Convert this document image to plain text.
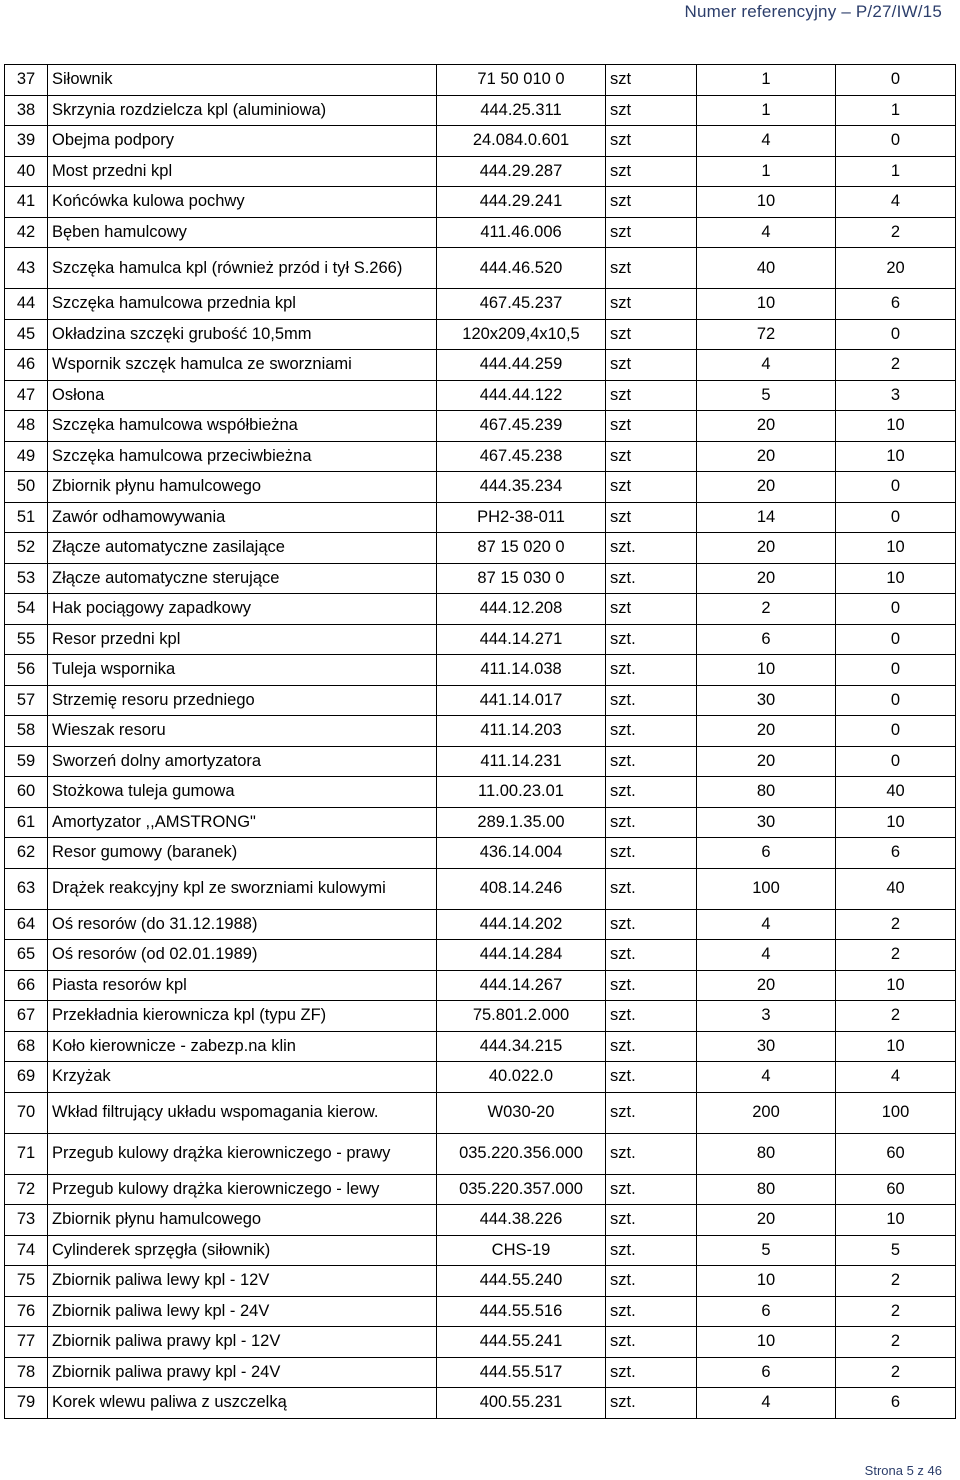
Numer referencyjny – P/27/IW/15
37	Siłownik	71 50 010 0	szt	1	0
38	Skrzynia rozdzielcza kpl (aluminiowa)	444.25.311	szt	1	1
39	Obejma podpory	24.084.0.601	szt	4	0
40	Most przedni kpl	444.29.287	szt	1	1
41	Końcówka kulowa pochwy	444.29.241	szt	10	4
42	Bęben hamulcowy	411.46.006	szt	4	2
43	Szczęka hamulca kpl (również przód i tył S.266)	444.46.520	szt	40	20
44	Szczęka hamulcowa przednia kpl	467.45.237	szt	10	6
45	Okładzina szczęki grubość 10,5mm	120x209,4x10,5	szt	72	0
46	Wspornik szczęk hamulca ze sworzniami	444.44.259	szt	4	2
47	Osłona	444.44.122	szt	5	3
48	Szczęka hamulcowa współbieżna	467.45.239	szt	20	10
49	Szczęka hamulcowa przeciwbieżna	467.45.238	szt	20	10
50	Zbiornik płynu hamulcowego	444.35.234	szt	20	0
51	Zawór odhamowywania	PH2-38-011	szt	14	0
52	Złącze automatyczne zasilające	87 15 020 0	szt.	20	10
53	Złącze automatyczne sterujące	87 15 030 0	szt.	20	10
54	Hak pociągowy zapadkowy	444.12.208	szt	2	0
55	Resor przedni kpl	444.14.271	szt.	6	0
56	Tuleja wspornika	411.14.038	szt.	10	0
57	Strzemię resoru przedniego	441.14.017	szt.	30	0
58	Wieszak resoru	411.14.203	szt.	20	0
59	Sworzeń dolny amortyzatora	411.14.231	szt.	20	0
60	Stożkowa tuleja gumowa	11.00.23.01	szt.	80	40
61	Amortyzator ,,AMSTRONG"	289.1.35.00	szt.	30	10
62	Resor gumowy (baranek)	436.14.004	szt.	6	6
63	Drążek reakcyjny kpl ze sworzniami kulowymi	408.14.246	szt.	100	40
64	Oś resorów (do 31.12.1988)	444.14.202	szt.	4	2
65	Oś resorów (od 02.01.1989)	444.14.284	szt.	4	2
66	Piasta resorów kpl	444.14.267	szt.	20	10
67	Przekładnia kierownicza kpl (typu ZF)	75.801.2.000	szt.	3	2
68	Koło kierownicze - zabezp.na klin	444.34.215	szt.	30	10
69	Krzyżak	40.022.0	szt.	4	4
70	Wkład filtrujący układu wspomagania kierow.	W030-20	szt.	200	100
71	Przegub kulowy drążka kierowniczego - prawy	035.220.356.000	szt.	80	60
72	Przegub kulowy drążka kierowniczego - lewy	035.220.357.000	szt.	80	60
73	Zbiornik płynu hamulcowego	444.38.226	szt.	20	10
74	Cylinderek sprzęgła (siłownik)	CHS-19	szt.	5	5
75	Zbiornik paliwa lewy kpl - 12V	444.55.240	szt.	10	2
76	Zbiornik paliwa lewy kpl - 24V	444.55.516	szt.	6	2
77	Zbiornik paliwa prawy kpl - 12V	444.55.241	szt.	10	2
78	Zbiornik paliwa prawy kpl - 24V	444.55.517	szt.	6	2
79	Korek wlewu paliwa z uszczelką	400.55.231	szt.	4	6
Strona 5 z 46
